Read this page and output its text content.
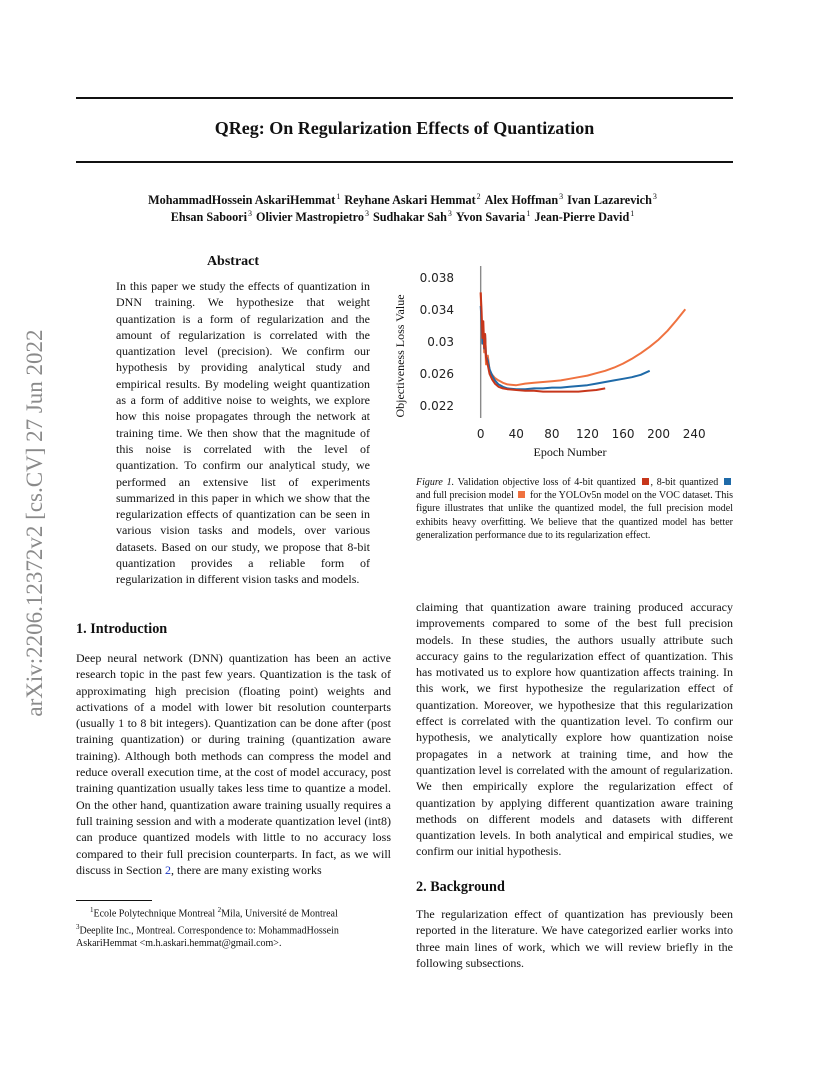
QReg: On Regularization Effects of Quantization
MohammadHossein AskariHemmat$^1$ Reyhane Askari Hemmat$^2$ Alex Hoffman$^3$ Ivan Lazarevich$^3$
Ehsan Saboori$^3$ Olivier Mastropietro$^3$ Sudhakar Sah$^3$ Yvon Savaria$^1$ Jean-Pierre David$^1$
arXiv:2206.12372v2 [cs.CV] 27 Jun 2022
Abstract
In this paper we study the effects of quantization in DNN training. We hypothesize that weight quantization is a form of regularization and the amount of regularization is correlated with the quantization level (precision). We confirm our hypothesis by providing analytical study and empirical results. By modeling weight quantization as a form of additive noise to weights, we explore how this noise propagates through the network at training time. We then show that the magnitude of this noise is correlated with the level of quantization. To confirm our analytical study, we performed an extensive list of experiments summarized in this paper in which we show that the regularization effects of quantization can be seen in various vision tasks and models, over various datasets. Based on our study, we propose that 8-bit quantization provides a reliable form of regularization in different vision tasks and models.
1. Introduction
Deep neural network (DNN) quantization has been an active research topic in the past few years. Quantization is the task of approximating high precision (floating point) weights and activations of a model with lower bit resolution counterparts (usually 1 to 8 bit integers). Quantization can be done after (post training quantization) or during training (quantization aware training). Although both methods can compress the model and reduce overall execution time, at the cost of model accuracy, post training quantization usually takes less time to quantize a model. On the other hand, quantization aware training usually requires a full training session and with a moderate quantization level (int8) can produce quantized models with little to no accuracy loss compared to their full precision counterparts. In fact, as we will discuss in Section 2, there are many existing works
$^1$Ecole Polytechnique Montreal $^2$Mila, Université de Montreal
$^3$Deeplite Inc., Montreal. Correspondence to: MohammadHossein AskariHemmat <m.h.askari.hemmat@gmail.com>.
0.022
0.026
0.03
0.034
0.038
0 40 80 120 160 200 240
Epoch Number
Objectiveness Loss Value
Figure 1. Validation objective loss of 4-bit quantized , 8-bit quantized  and full precision model  for the YOLOv5n model on the VOC dataset. This figure illustrates that unlike the quantized model, the full precision model exhibits heavy overfitting. We believe that the quantized model has better generalization performance due to its regularization effect.
claiming that quantization aware training produced accuracy improvements compared to some of the best full precision models. In these studies, the authors usually attribute such accuracy gains to the regularization effect of quantization. This has motivated us to explore how quantization affects training. In this work, we first hypothesize the regularization effect of quantization. Moreover, we hypothesize that this regularization effect is correlated with the quantization level. To confirm our hypothesis, we analytically explore how quantization noise propagates in a network at training time, and how the quantization level is correlated with the amount of regularization. We then empirically explore the regularization effect of quantization by applying different quantization aware training methods on different models and datasets with different quantization levels. In both analytical and empirical studies, we confirm our initial hypothesis.
2. Background
The regularization effect of quantization has previously been reported in the literature. We have categorized earlier works into three main lines of work, which we will review briefly in the following subsections.
